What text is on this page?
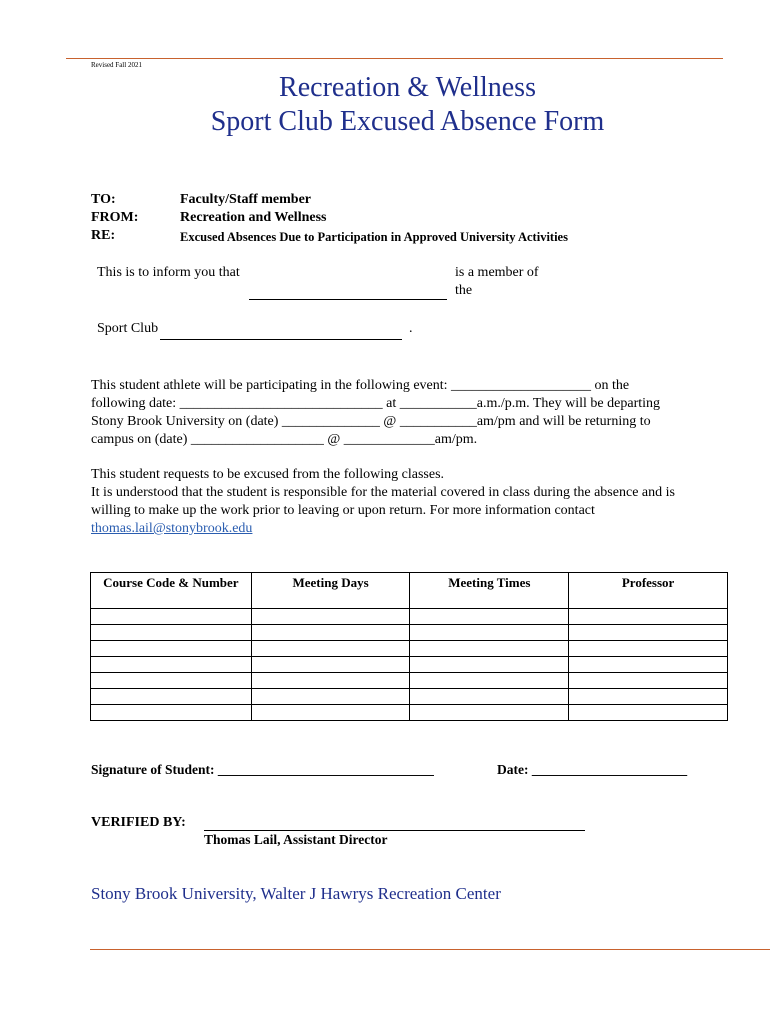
Revised Fall 2021
Recreation & Wellness
Sport Club Excused Absence Form
TO:	Faculty/Staff member
FROM:	Recreation and Wellness
RE:	Excused Absences Due to Participation in Approved University Activities
This is to inform you that	is a member of
the
Sport Club	.
This student athlete will be participating in the following event: ____________________ on the
following date: _____________________________ at ___________a.m./p.m. They will be departing
Stony Brook University on (date) ______________ @ ___________am/pm and will be returning to
campus on (date) ___________________ @ _____________am/pm.
This student requests to be excused from the following classes.
It is understood that the student is responsible for the material covered in class during the absence and is
willing to make up the work prior to leaving or upon return. For more information contact
thomas.lail@stonybrook.edu
Course Code & Number	Meeting Days	Meeting Times	Professor

Signature of Student: ________________________________	Date: _______________________
VERIFIED BY:
Thomas Lail, Assistant Director
Stony Brook University, Walter J Hawrys Recreation Center
